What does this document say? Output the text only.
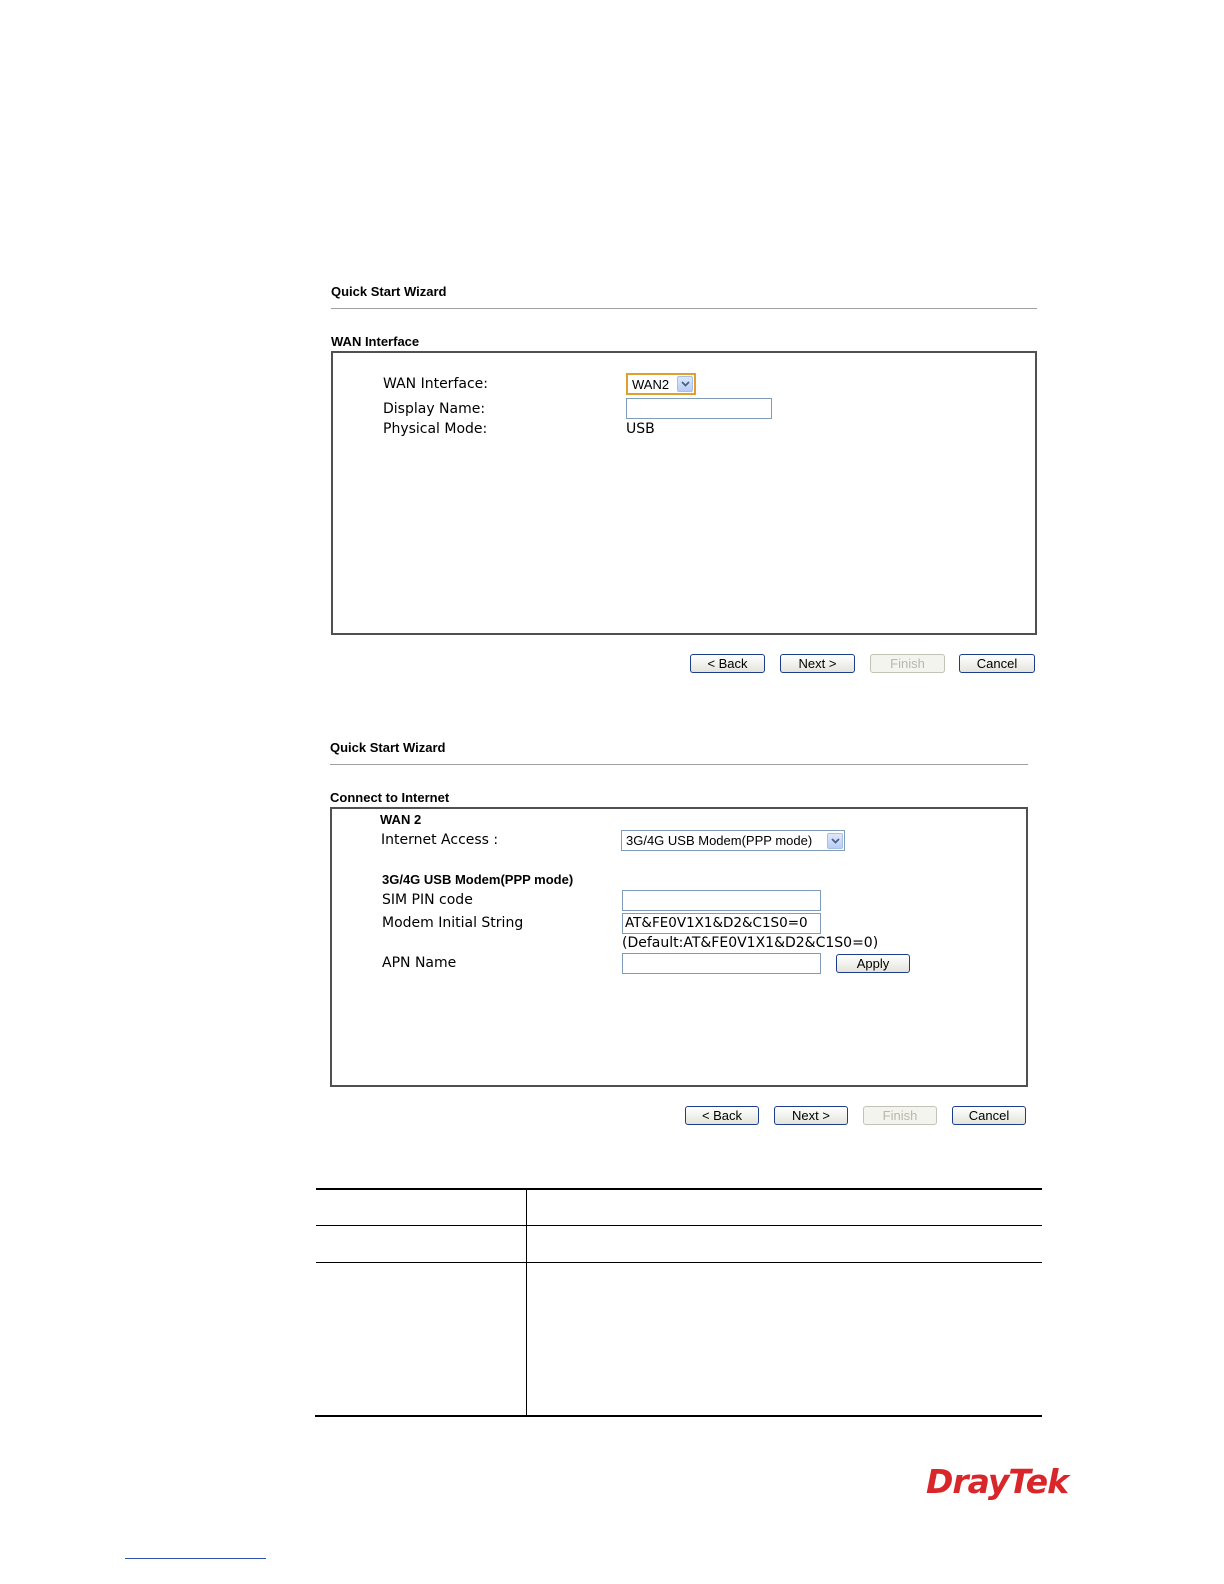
Quick Start Wizard
WAN Interface
WAN Interface:	WAN2
Display Name:
Physical Mode:	USB
< Back	Next >	Finish	Cancel
Quick Start Wizard
Connect to Internet
WAN 2
Internet Access :	3G/4G USB Modem(PPP mode)
3G/4G USB Modem(PPP mode)
SIM PIN code
Modem Initial String	AT&FE0V1X1&D2&C1S0=0
(Default:AT&FE0V1X1&D2&C1S0=0)
APN Name	Apply
< Back	Next >	Finish	Cancel
DrayTek
